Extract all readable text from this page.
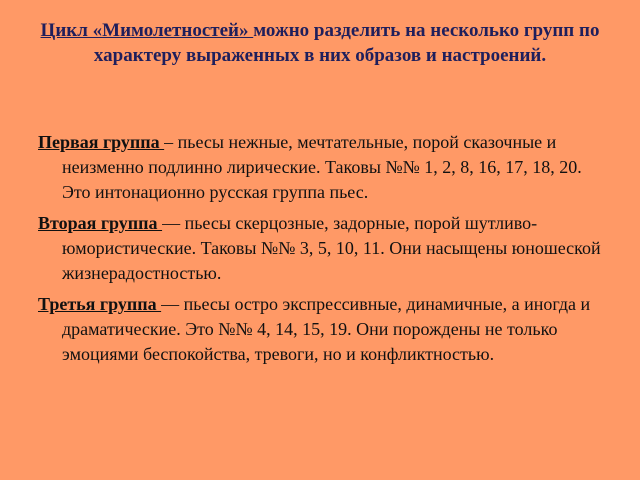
Цикл «Мимолетностей» можно разделить на несколько групп по характеру выраженных в них образов и настроений.

Первая группа – пьесы нежные, мечтательные, порой сказочные и неизменно подлинно лирические. Таковы №№ 1, 2, 8, 16, 17, 18, 20. Это интонационно русская группа пьес.

Вторая группа — пьесы скерцозные, задорные, порой шутливо-юмористические. Таковы №№ 3, 5, 10, 11. Они насыщены юношеской жизнерадостностью.

Третья группа — пьесы остро экспрессивные, динамичные, а иногда и драматические. Это №№ 4, 14, 15, 19. Они порождены не только эмоциями беспокойства, тревоги, но и конфликтностью.
